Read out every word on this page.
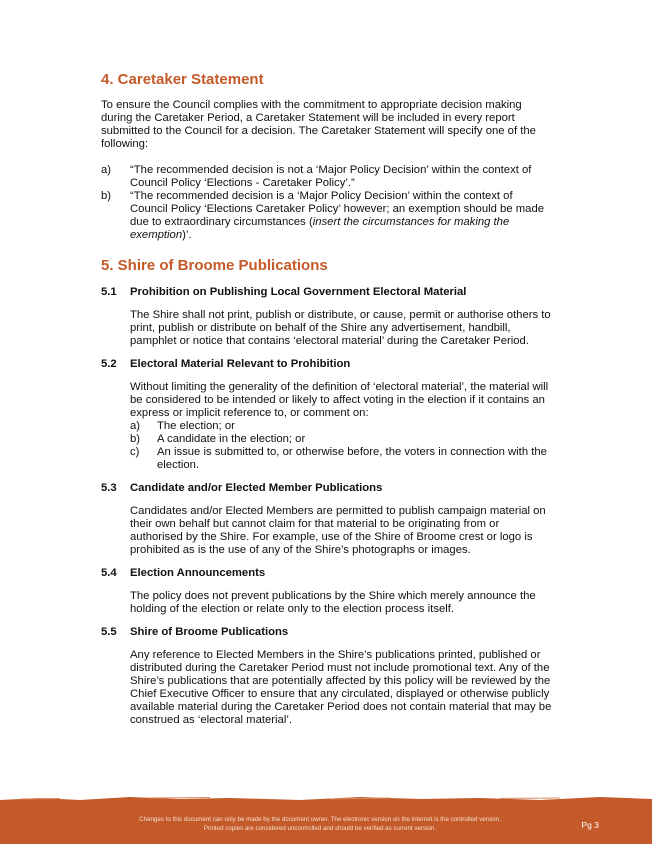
4. Caretaker Statement

To ensure the Council complies with the commitment to appropriate decision making during the Caretaker Period, a Caretaker Statement will be included in every report submitted to the Council for a decision. The Caretaker Statement will specify one of the following:

a)	“The recommended decision is not a ‘Major Policy Decision’ within the context of Council Policy ‘Elections - Caretaker Policy’.”
b)	“The recommended decision is a ‘Major Policy Decision’ within the context of Council Policy ‘Elections Caretaker Policy’ however; an exemption should be made due to extraordinary circumstances (insert the circumstances for making the exemption)’.
5. Shire of Broome Publications
5.1	Prohibition on Publishing Local Government Electoral Material

The Shire shall not print, publish or distribute, or cause, permit or authorise others to print, publish or distribute on behalf of the Shire any advertisement, handbill, pamphlet or notice that contains ‘electoral material’ during the Caretaker Period.

5.2	Electoral Material Relevant to Prohibition

Without limiting the generality of the definition of ‘electoral material’, the material will be considered to be intended or likely to affect voting in the election if it contains an express or implicit reference to, or comment on:

a)	The election; or
b)	A candidate in the election; or
c)	An issue is submitted to, or otherwise before, the voters in connection with the election.
5.3	Candidate and/or Elected Member Publications

Candidates and/or Elected Members are permitted to publish campaign material on their own behalf but cannot claim for that material to be originating from or authorised by the Shire. For example, use of the Shire of Broome crest or logo is prohibited as is the use of any of the Shire’s photographs or images.

5.4	Election Announcements

The policy does not prevent publications by the Shire which merely announce the holding of the election or relate only to the election process itself.

5.5	Shire of Broome Publications

Any reference to Elected Members in the Shire’s publications printed, published or distributed during the Caretaker Period must not include promotional text. Any of the Shire’s publications that are potentially affected by this policy will be reviewed by the Chief Executive Officer to ensure that any circulated, displayed or otherwise publicly available material during the Caretaker Period does not contain material that may be construed as ‘electoral material’.

Changes to this document can only be made by the document owner. The electronic version on the internet is the controlled version.
Printed copies are considered uncontrolled and should be verified as current version.	Pg 3
